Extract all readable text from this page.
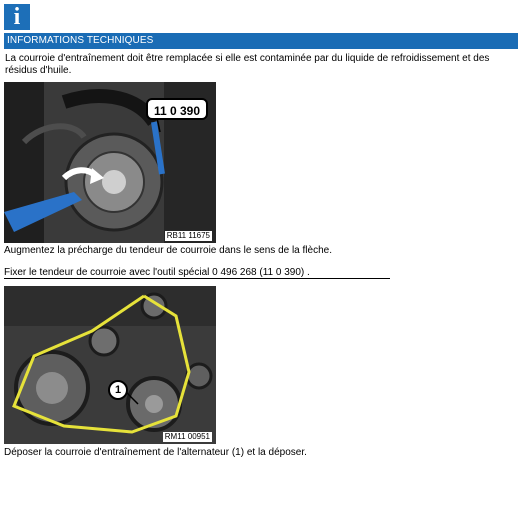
i
INFORMATIONS TECHNIQUES
La courroie d'entraînement doit être remplacée si elle est contaminée par du liquide de refroidissement et des résidus d'huile.
RB11 11675
11 0 390
Augmentez la précharge du tendeur de courroie dans le sens de la flèche.
Fixer le tendeur de courroie avec l'outil spécial 0 496 268 (11 0 390) .
RM11 00951
1
Déposer la courroie d'entraînement de l'alternateur (1) et la déposer.
